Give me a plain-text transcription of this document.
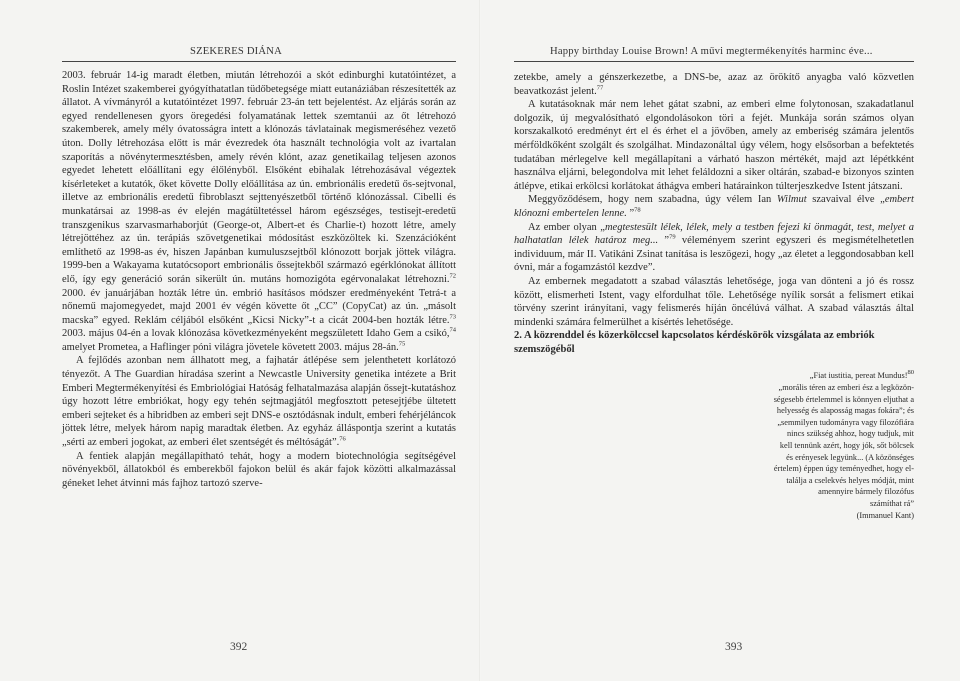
SZEKERES DIÁNA

2003. február 14-ig maradt életben, miután létrehozói a skót edinburghi kutatóintézet, a Roslin Intézet szakemberei gyógyíthatatlan tüdőbetegsége miatt eutanáziában részesítették az állatot. A vívmányról a kutatóintézet 1997. február 23-án tett bejelentést. Az eljárás során az egyed rendellenesen gyors öregedési folyamatának lettek szemtanúi az őt létrehozó szakemberek, amely mély óvatosságra intett a klónozás távlatainak megismeréséhez vezető úton. Dolly létrehozása előtt is már évezredek óta használt technológia volt az ivartalan szaporítás a növénytermesztésben, amely révén klónt, azaz genetikailag teljesen azonos egyedet lehetett előállítani egy élőlényből. Elsőként ebihalak létrehozásával végeztek kísérleteket a kutatók, őket követte Dolly előállítása az ún. embrionális eredetű ős-sejtvonal, illetve az embrionális eredetű fibroblaszt sejttenyészetből történő klónozással. Cibelli és munkatársai az 1998-as év elején magátültetéssel három egészséges, testisejt-eredetű transzgenikus szarvasmarhaborjút (George-ot, Albert-et és Charlie-t) hozott létre, amely létrejöttéhez az ún. terápiás szövetgenetikai módosítást eszközöltek ki. Szenzációként említhető az 1998-as év, hiszen Japánban kumuluszsejtből klónozott borjak jöttek világra. 1999-ben a Wakayama kutatócsoport embrionális őssejtekből származó egérklónokat állított elő, így egy generáció során sikerült ún. mutáns homozigóta egérvonalakat létrehozni.$^{72}$ 2000. év januárjában hozták létre ún. embrió hasításos módszer eredményeként Tetrá-t a nőnemű majomegyedet, majd 2001 év végén követte őt „CC” (CopyCat) az ún. „másolt macska” egyed. Reklám céljából elsőként „Kicsi Nicky”-t a cicát 2004-ben hozták létre.$^{73}$ 2003. május 04-én a lovak klónozása következményeként megszületett Idaho Gem a csikó,$^{74}$ amelyet Prometea, a Haflinger póni világra jövetele követett 2003. május 28-án.$^{75}$

A fejlődés azonban nem állhatott meg, a fajhatár átlépése sem jelenthetett korlátozó tényezőt. A The Guardian híradása szerint a Newcastle University genetika intézete a Brit Emberi Megtermékenyítési és Embriológiai Hatóság felhatalmazása alapján őssejt-kutatáshoz úgy hozott létre embriókat, hogy egy tehén sejtmagjától megfosztott petesejtjébe ültetett emberi sejteket és a hibridben az emberi sejt DNS-e osztódásnak indult, emberi fehérjéláncok jöttek létre, melyek három napig maradtak életben. Az egyház álláspontja szerint a kutatás „sérti az emberi jogokat, az emberi élet szentségét és méltóságát”.$^{76}$

A fentiek alapján megállapítható tehát, hogy a modern biotechnológia segítségével növényekből, állatokból és emberekből fajokon belül és akár fajok közötti alkalmazással géneket lehet átvinni más fajhoz tartozó szerve-

392
Happy birthday Louise Brown! A művi megtermékenyítés harminc éve...

zetekbe, amely a génszerkezetbe, a DNS-be, azaz az örökítő anyagba való közvetlen beavatkozást jelent.$^{77}$

A kutatásoknak már nem lehet gátat szabni, az emberi elme folytonosan, szakadatlanul dolgozik, új megvalósítható elgondolásokon töri a fejét. Munkája során számos olyan korszakalkotó eredményt ért el és érhet el a jövőben, amely az emberiség számára jelentős mérföldkőként szolgált és szolgálhat. Mindazonáltal úgy vélem, hogy elsősorban a befektetés tudatában mérlegelve kell megállapítani a várható haszon mértékét, majd azt lépétkként használva eljárni, belegondolva mit lehet feláldozni a siker oltárán, szabad-e bizonyos szinten átlépve, etikai erkölcsi korlátokat áthágva emberi határainkon túlterjeszkedve Istent játszani.

Meggyőződésem, hogy nem szabadna, úgy vélem Ian Wilmut szavaival élve „embert klónozni embertelen lenne. ”$^{78}$

Az ember olyan „megtestesült lélek, lélek, mely a testben fejezi ki önmagát, test, melyet a halhatatlan lélek határoz meg... ”$^{79}$ véleményem szerint egyszeri és megismételhetetlen individuum, már II. Vatikáni Zsinat tanítása is leszögezi, hogy „az életet a leggondosabban kell óvni, már a fogamzástól kezdve”.

Az embernek megadatott a szabad választás lehetősége, joga van dönteni a jó és rossz között, elismerheti Istent, vagy elfordulhat tőle. Lehetősége nyílik sorsát a felismert etikai törvény szerint irányítani, vagy felismerés híján öncélúvá válhat. A szabad választás által mindenki számára felmerülhet a kísértés lehetősége.

2. A közrenddel és közerkölccsel kapcsolatos kérdéskörök vizsgálata az embriók szemszögéből

„Fiat iustitia, pereat Mundus!$^{80}$

„morális téren az emberi ész a legközön-

ségesebb értelemmel is könnyen eljuthat a

helyesség és alaposság magas fokára”; és

„semmilyen tudományra vagy filozófiára

nincs szükség ahhoz, hogy tudjuk, mit

kell tennünk azért, hogy jók, sőt bölcsek

és erényesek legyünk... (A közönséges értelem) éppen úgy teményedhet, hogy el-

találja a cselekvés helyes módját, mint

amennyire bármely filozófus

számíthat rá”

(Immanuel Kant)

393
